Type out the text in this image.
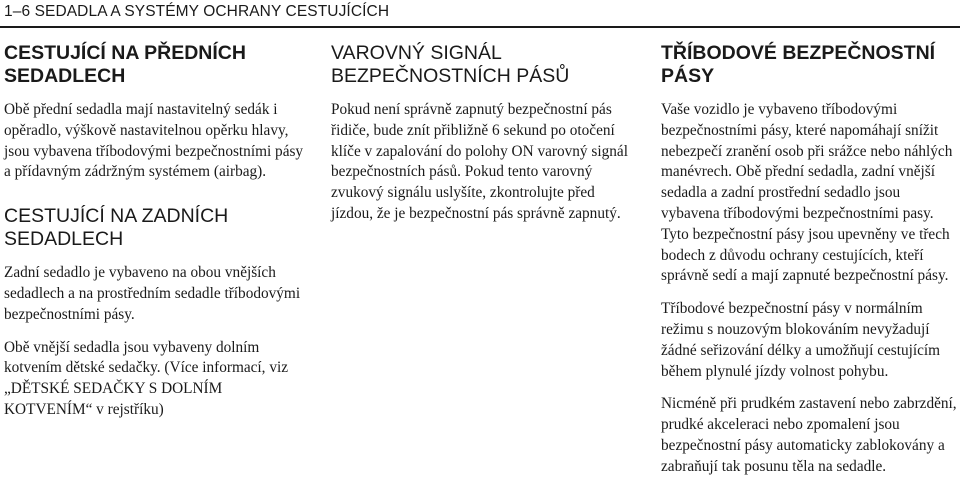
1–6 SEDADLA A SYSTÉMY OCHRANY CESTUJÍCÍCH
CESTUJÍCÍ NA PŘEDNÍCH SEDADLECH

Obě přední sedadla mají nastavitelný sedák i opěradlo, výškově nastavitelnou opěrku hlavy, jsou vybavena tříbodovými bezpečnostními pásy a přídavným zádržným systémem (airbag).

CESTUJÍCÍ NA ZADNÍCH SEDADLECH

Zadní sedadlo je vybaveno na obou vnějších sedadlech a na prostředním sedadle tříbodovými bezpečnostními pásy.

Obě vnější sedadla jsou vybaveny dolním kotvením dětské sedačky. (Více informací, viz „DĚTSKÉ SEDAČKY S DOLNÍM KOTVENÍM“ v rejstříku)

VAROVNÝ SIGNÁL BEZPEČNOSTNÍCH PÁSŮ

Pokud není správně zapnutý bezpečnostní pás řidiče, bude znít přibližně 6 sekund po otočení klíče v zapalování do polohy ON varovný signál bezpečnostních pásů. Pokud tento varovný zvukový signálu uslyšíte, zkontrolujte před jízdou, že je bezpečnostní pás správně zapnutý.

TŘÍBODOVÉ BEZPEČNOSTNÍ PÁSY

Vaše vozidlo je vybaveno tříbodovými bezpečnostními pásy, které napomáhají snížit nebezpečí zranění osob při srážce nebo náhlých manévrech. Obě přední sedadla, zadní vnější sedadla a zadní prostřední sedadlo jsou vybavena tříbodovými bezpečnostními pasy. Tyto bezpečnostní pásy jsou upevněny ve třech bodech z důvodu ochrany cestujících, kteří správně sedí a mají zapnuté bezpečnostní pásy.

Tříbodové bezpečnostní pásy v normálním režimu s nouzovým blokováním nevyžadují žádné seřizování délky a umožňují cestujícím během plynulé jízdy volnost pohybu.

Nicméně při prudkém zastavení nebo zabrzdění, prudké akceleraci nebo zpomalení jsou bezpečnostní pásy automaticky zablokovány a zabraňují tak posunu těla na sedadle.
